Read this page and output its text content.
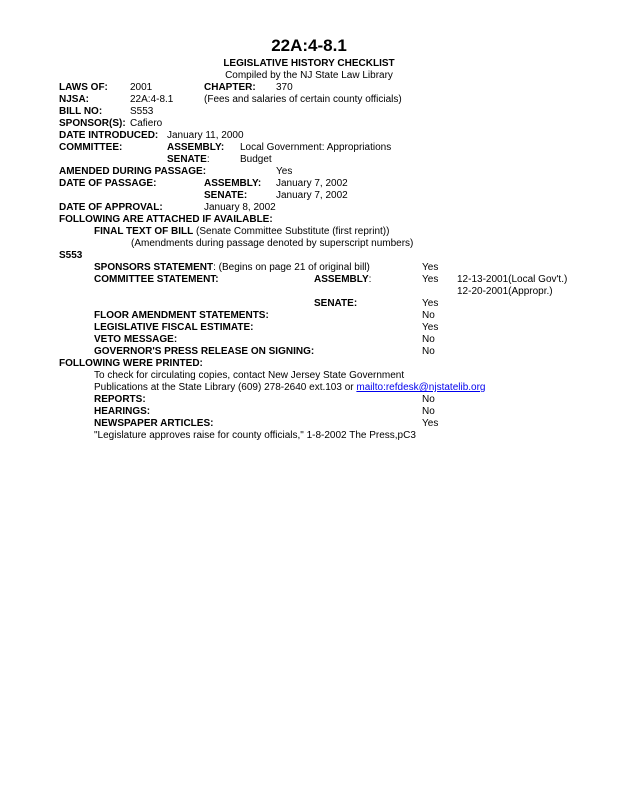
22A:4-8.1
LEGISLATIVE HISTORY CHECKLIST
Compiled by the NJ State Law Library
LAWS OF: 2001	CHAPTER: 370
NJSA:	22A:4-8.1	(Fees and salaries of certain county officials)
BILL NO:	S553
SPONSOR(S): Cafiero
DATE INTRODUCED: January 11, 2000
COMMITTEE:	ASSEMBLY: Local Government: Appropriations
SENATE:	Budget
AMENDED DURING PASSAGE:	Yes
DATE OF PASSAGE:	ASSEMBLY: January 7, 2002
SENATE:	January 7, 2002
DATE OF APPROVAL:	January 8, 2002
FOLLOWING ARE ATTACHED IF AVAILABLE:
FINAL TEXT OF BILL (Senate Committee Substitute (first reprint))
(Amendments during passage denoted by superscript numbers)
S553
SPONSORS STATEMENT: (Begins on page 21 of original bill)	Yes
COMMITTEE STATEMENT:	ASSEMBLY:	Yes 12-13-2001(Local Gov't.)
12-20-2001(Appropr.)
SENATE:	Yes
FLOOR AMENDMENT STATEMENTS:	No
LEGISLATIVE FISCAL ESTIMATE:	Yes
VETO MESSAGE:	No
GOVERNOR'S PRESS RELEASE ON SIGNING:	No
FOLLOWING WERE PRINTED:
To check for circulating copies, contact New Jersey State Government
Publications at the State Library (609) 278-2640 ext.103 or mailto:refdesk@njstatelib.org
REPORTS:	No
HEARINGS:	No
NEWSPAPER ARTICLES:	Yes
"Legislature approves raise for county officials," 1-8-2002 The Press,pC3
